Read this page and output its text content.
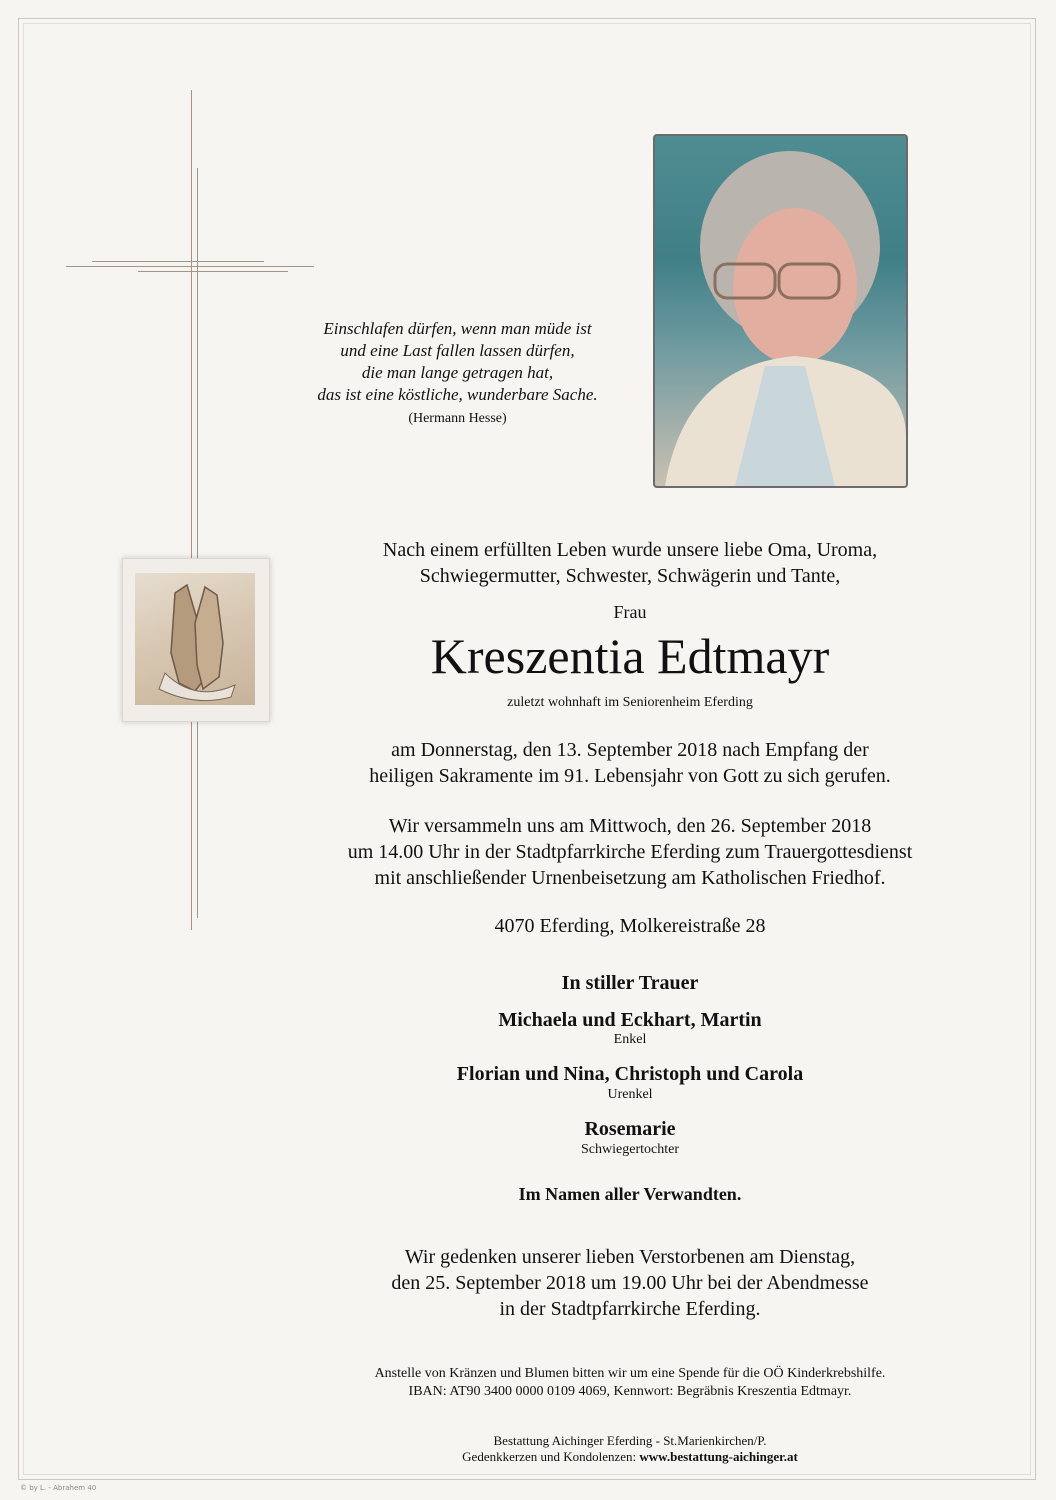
Einschlafen dürfen, wenn man müde ist
und eine Last fallen lassen dürfen,
die man lange getragen hat,
das ist eine köstliche, wunderbare Sache.
(Hermann Hesse)
Nach einem erfüllten Leben wurde unsere liebe Oma, Uroma,
Schwiegermutter, Schwester, Schwägerin und Tante,
Frau
Kreszentia Edtmayr
zuletzt wohnhaft im Seniorenheim Eferding
am Donnerstag, den 13. September 2018 nach Empfang der
heiligen Sakramente im 91. Lebensjahr von Gott zu sich gerufen.
Wir versammeln uns am Mittwoch, den 26. September 2018
um 14.00 Uhr in der Stadtpfarrkirche Eferding zum Trauergottesdienst
mit anschließender Urnenbeisetzung am Katholischen Friedhof.
4070 Eferding, Molkereistraße 28
In stiller Trauer
Michaela und Eckhart, Martin
Enkel
Florian und Nina, Christoph und Carola
Urenkel
Rosemarie
Schwiegertochter
Im Namen aller Verwandten.
Wir gedenken unserer lieben Verstorbenen am Dienstag,
den 25. September 2018 um 19.00 Uhr bei der Abendmesse
in der Stadtpfarrkirche Eferding.
Anstelle von Kränzen und Blumen bitten wir um eine Spende für die OÖ Kinderkrebshilfe.
IBAN: AT90 3400 0000 0109 4069, Kennwort: Begräbnis Kreszentia Edtmayr.
Bestattung Aichinger Eferding - St.Marienkirchen/P.
Gedenkkerzen und Kondolenzen: www.bestattung-aichinger.at
© by L. - Abrahem 40
